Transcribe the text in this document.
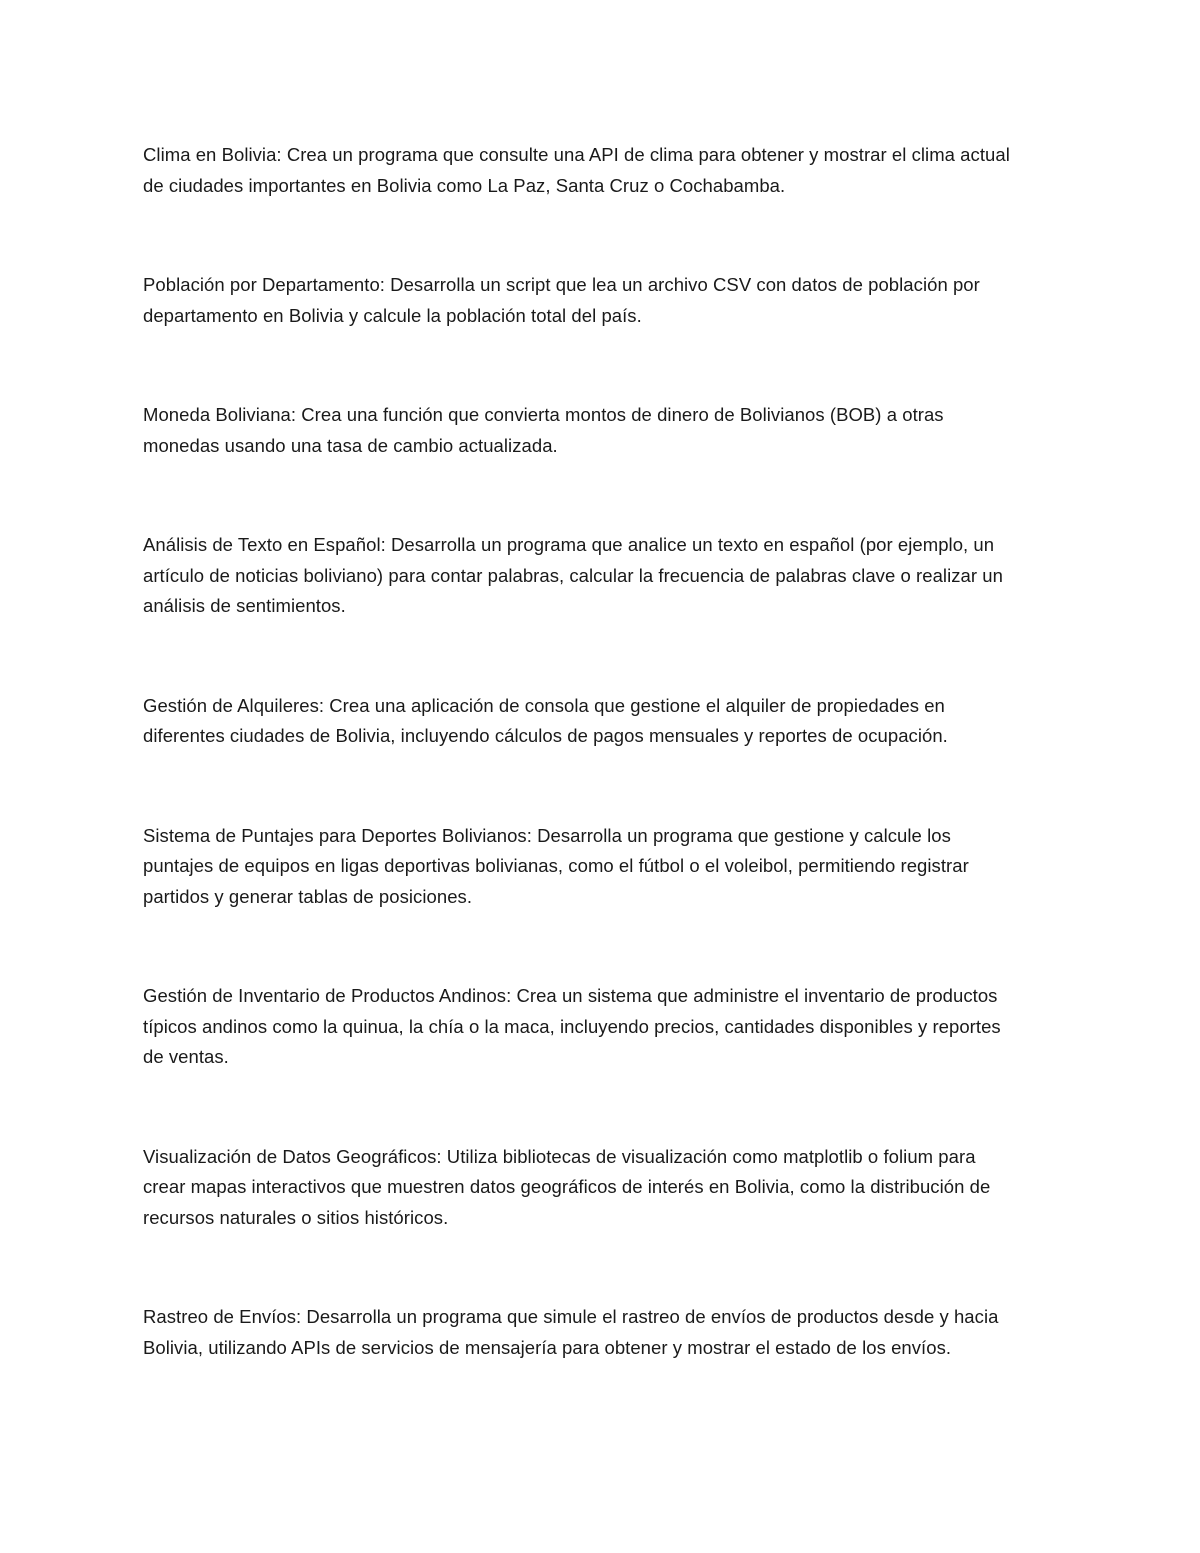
Clima en Bolivia: Crea un programa que consulte una API de clima para obtener y mostrar el clima actual
de ciudades importantes en Bolivia como La Paz, Santa Cruz o Cochabamba.

Población por Departamento: Desarrolla un script que lea un archivo CSV con datos de población por
departamento en Bolivia y calcule la población total del país.

Moneda Boliviana: Crea una función que convierta montos de dinero de Bolivianos (BOB) a otras
monedas usando una tasa de cambio actualizada.

Análisis de Texto en Español: Desarrolla un programa que analice un texto en español (por ejemplo, un
artículo de noticias boliviano) para contar palabras, calcular la frecuencia de palabras clave o realizar un
análisis de sentimientos.

Gestión de Alquileres: Crea una aplicación de consola que gestione el alquiler de propiedades en
diferentes ciudades de Bolivia, incluyendo cálculos de pagos mensuales y reportes de ocupación.

Sistema de Puntajes para Deportes Bolivianos: Desarrolla un programa que gestione y calcule los
puntajes de equipos en ligas deportivas bolivianas, como el fútbol o el voleibol, permitiendo registrar
partidos y generar tablas de posiciones.

Gestión de Inventario de Productos Andinos: Crea un sistema que administre el inventario de productos
típicos andinos como la quinua, la chía o la maca, incluyendo precios, cantidades disponibles y reportes
de ventas.

Visualización de Datos Geográficos: Utiliza bibliotecas de visualización como matplotlib o folium para
crear mapas interactivos que muestren datos geográficos de interés en Bolivia, como la distribución de
recursos naturales o sitios históricos.

Rastreo de Envíos: Desarrolla un programa que simule el rastreo de envíos de productos desde y hacia
Bolivia, utilizando APIs de servicios de mensajería para obtener y mostrar el estado de los envíos.
